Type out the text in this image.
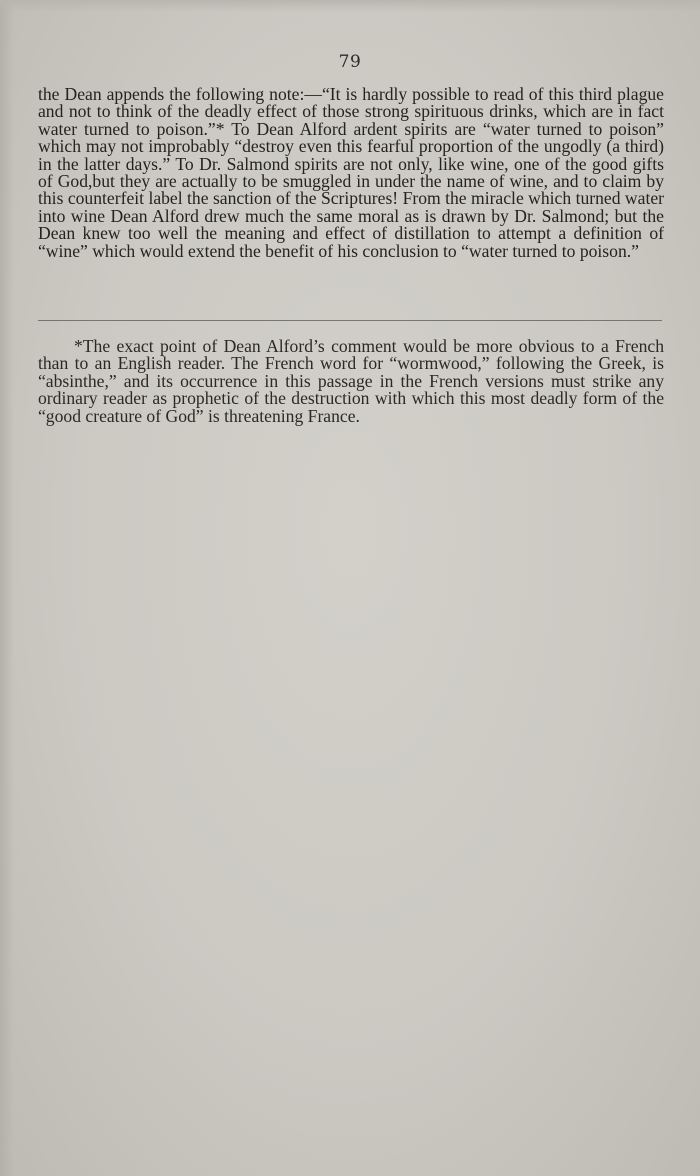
79

the Dean appends the following note:—“It is hardly possible to read of this third plague and not to think of the deadly effect of those strong spirituous drinks, which are in fact water turned to poison.”* To Dean Alford ardent spirits are “water turned to poison” which may not improbably “destroy even this fearful proportion of the ungodly (a third) in the latter days.” To Dr. Salmond spirits are not only, like wine, one of the good gifts of God,but they are actually to be smuggled in under the name of wine, and to claim by this counterfeit label the sanction of the Scriptures! From the miracle which turned water into wine Dean Alford drew much the same moral as is drawn by Dr. Salmond; but the Dean knew too well the meaning and effect of distillation to attempt a definition of “wine” which would extend the benefit of his conclusion to “water turned to poison.”

*The exact point of Dean Alford’s comment would be more obvious to a French than to an English reader. The French word for “wormwood,” following the Greek, is “absinthe,” and its occurrence in this passage in the French versions must strike any ordinary reader as prophetic of the destruction with which this most deadly form of the “good creature of God” is threatening France.
